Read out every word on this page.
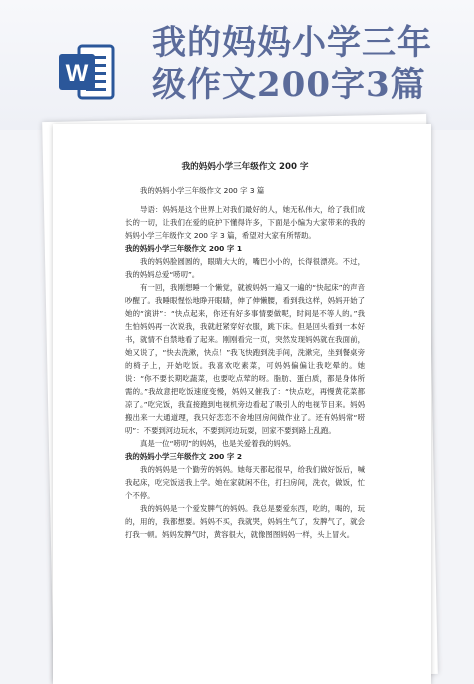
W
我的妈妈小学三年
级作文200字3篇
我的妈妈小学三年级作文 200 字

我的妈妈小学三年级作文 200 字 3 篇

导语：妈妈是这个世界上对我们最好的人，她无私伟大，给了我们成长的一切，让我们在爱的庇护下懂得许多，下面是小编为大家带来的我的妈妈小学三年级作文 200 字 3 篇，希望对大家有所帮助。

我的妈妈小学三年级作文 200 字 1

我的妈妈脸圆圆的，眼睛大大的，嘴巴小小的，长得很漂亮。不过，我的妈妈总爱“唠叨”。

有一回，我刚想睡一个懒觉，就被妈妈一遍又一遍的“快起床”的声音吵醒了。我睡眼惺忪地睁开眼睛，伸了伸懒腰，看到我这样，妈妈开始了她的“演讲”：“快点起来，你还有好多事情要做呢，时间是不等人的。”我生怕妈妈再一次说我，我就赶紧穿好衣服，跳下床。但是回头看到一本好书，就情不自禁地看了起来。刚刚看完一页，突然发现妈妈就在我面前，她又说了，“快去洗漱，快点！”我飞快跑到洗手间，洗漱完，坐到餐桌旁的椅子上，开始吃饭。我喜欢吃素菜，可妈妈偏偏让我吃晕的。她说：“你不要长期吃蔬菜，也要吃点荤的呀。脂肪、蛋白质，都是身体所需的。”我故意把吃饭速度变慢，妈妈又催我了：“快点吃，再慢黄花菜都凉了。”吃完饭，我直接跑到电视机旁边看起了吸引人的电视节目来。妈妈搬出来一大通道理，我只好恋恋不舍地回房间做作业了。还有妈妈常“唠叨”：不要到河边玩水，不要到河边玩耍，回家不要到路上乱跑。

真是一位“唠叨”的妈妈，也是关爱着我的妈妈。

我的妈妈小学三年级作文 200 字 2

我的妈妈是一个勤劳的妈妈。她每天都起很早，给我们做好饭后，喊我起床，吃完饭送我上学。她在家就闲不住，打扫房间，洗衣，做饭，忙个不停。

我的妈妈是一个爱发脾气的妈妈。我总是要爱东西，吃的，喝的，玩的，用的，我都想要。妈妈不买，我就哭，妈妈生气了，发脾气了，就会打我一顿。妈妈发脾气时，黄容很大，就像图图妈妈一样，头上冒火。
